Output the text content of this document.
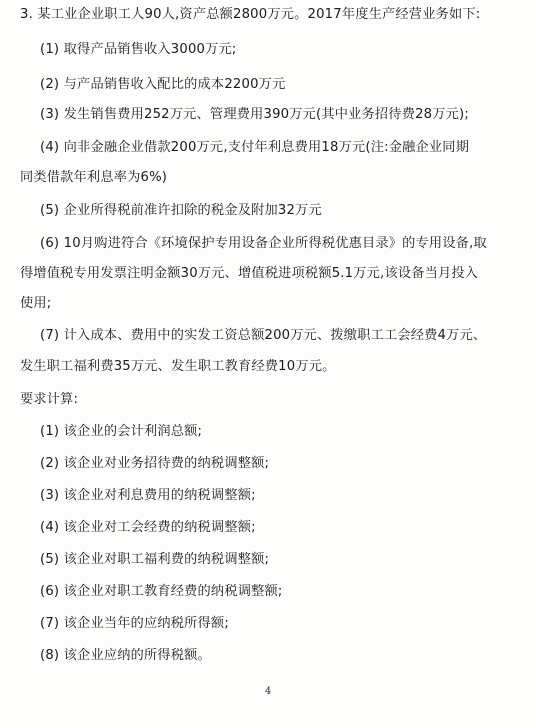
3. 某工业企业职工人90人,资产总额2800万元。2017年度生产经营业务如下:
(1) 取得产品销售收入3000万元;
(2) 与产品销售收入配比的成本2200万元
(3) 发生销售费用252万元、管理费用390万元(其中业务招待费28万元);
(4) 向非金融企业借款200万元,支付年利息费用18万元(注:金融企业同期
同类借款年利息率为6%)
(5) 企业所得税前准许扣除的税金及附加32万元
(6) 10月购进符合《环境保护专用设备企业所得税优惠目录》的专用设备,取
得增值税专用发票注明金额30万元、增值税进项税额5.1万元,该设备当月投入
使用;
(7) 计入成本、费用中的实发工资总额200万元、拨缴职工工会经费4万元、
发生职工福利费35万元、发生职工教育经费10万元。
要求计算:
(1) 该企业的会计利润总额;
(2) 该企业对业务招待费的纳税调整额;
(3) 该企业对利息费用的纳税调整额;
(4) 该企业对工会经费的纳税调整额;
(5) 该企业对职工福利费的纳税调整额;
(6) 该企业对职工教育经费的纳税调整额;
(7) 该企业当年的应纳税所得额;
(8) 该企业应纳的所得税额。
4
